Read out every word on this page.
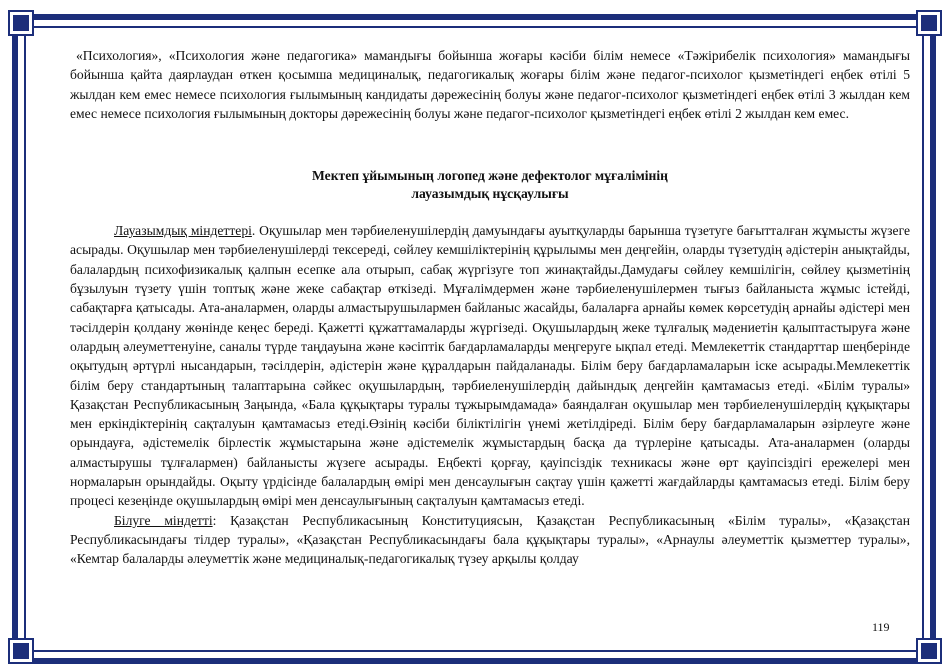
«Психология», «Психология және педагогика» мамандығы бойынша жоғары кәсіби білім немесе «Тәжірибелік психология» мамандығы бойынша қайта даярлаудан өткен қосымша медициналық, педагогикалық жоғары білім және педагог-психолог қызметіндегі еңбек өтілі 5 жылдан кем емес немесе психология ғылымының кандидаты дәрежесінің болуы және педагог-психолог қызметіндегі еңбек өтілі 3 жылдан кем емес немесе психология ғылымының докторы дәрежесінің болуы және педагог-психолог қызметіндегі еңбек өтілі 2 жылдан кем емес.

Мектеп ұйымының логопед және дефектолог мұғалімінің
лауазымдық нұсқаулығы

Лауазымдық міндеттері. Оқушылар мен тәрбиеленушілердің дамуындағы ауытқуларды барынша түзетуге бағытталған жұмысты жүзеге асырады. Оқушылар мен тәрбиеленушілерді тексереді, сөйлеу кемшіліктерінің құрылымы мен деңгейін, оларды түзетудің әдістерін анықтайды, балалардың психофизикалық қалпын есепке ала отырып, сабақ жүргізуге топ жинақтайды.Дамудағы сөйлеу кемшілігін, сөйлеу қызметінің бұзылуын түзету үшін топтық және жеке сабақтар өткізеді. Мұғалімдермен және тәрбиеленушілермен тығыз байланыста жұмыс істейді, сабақтарға қатысады. Ата-аналармен, оларды алмастырушылармен байланыс жасайды, балаларға арнайы көмек көрсетудің арнайы әдістері мен тәсілдерін қолдану жөнінде кеңес береді. Қажетті құжаттамаларды жүргізеді. Оқушылардың жеке тұлғалық мәдениетін қалыптастыруға және олардың әлеуметтенуіне, саналы түрде таңдауына және кәсіптік бағдарламаларды меңгеруге ықпал етеді. Мемлекеттік стандарттар шеңберінде оқытудың әртүрлі нысандарын, тәсілдерін, әдістерін және құралдарын пайдаланады. Білім беру бағдарламаларын іске асырады.Мемлекеттік білім беру стандартының талаптарына сәйкес оқушылардың, тәрбиеленушілердің дайындық деңгейін қамтамасыз етеді. «Білім туралы» Қазақстан Республикасының Заңында, «Бала құқықтары туралы тұжырымдамада» баяндалған оқушылар мен тәрбиеленушілердің құқықтары мен еркіндіктерінің сақталуын қамтамасыз етеді.Өзінің кәсіби біліктілігін үнемі жетілдіреді. Білім беру бағдарламаларын әзірлеуге және орындауға, әдістемелік бірлестік жұмыстарына және әдістемелік жұмыстардың басқа да түрлеріне қатысады. Ата-аналармен (оларды алмастырушы тұлғалармен) байланысты жүзеге асырады. Еңбекті қорғау, қауіпсіздік техникасы және өрт қауіпсіздігі ережелері мен нормаларын орындайды. Оқыту үрдісінде балалардың өмірі мен денсаулығын сақтау үшін қажетті жағдайларды қамтамасыз етеді. Білім беру процесі кезеңінде оқушылардың өмірі мен денсаулығының сақталуын қамтамасыз етеді.

Білуге міндетті: Қазақстан Республикасының Конституциясын, Қазақстан Республикасының «Білім туралы», «Қазақстан Республикасындағы тілдер туралы», «Қазақстан Республикасындағы бала құқықтары туралы», «Арнаулы әлеуметтік қызметтер туралы», «Кемтар балаларды әлеуметтік және медициналық-педагогикалық түзеу арқылы қолдау

119
